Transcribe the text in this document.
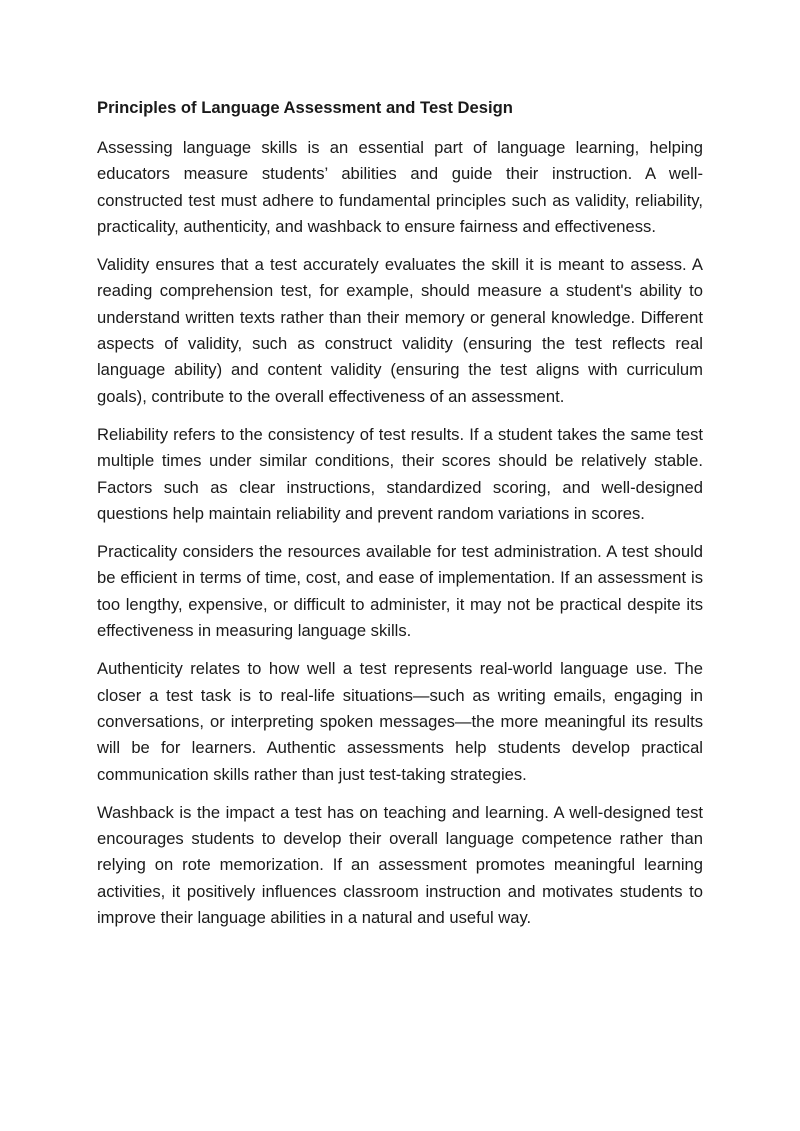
Principles of Language Assessment and Test Design

Assessing language skills is an essential part of language learning, helping educators measure students’ abilities and guide their instruction. A well-constructed test must adhere to fundamental principles such as validity, reliability, practicality, authenticity, and washback to ensure fairness and effectiveness.

Validity ensures that a test accurately evaluates the skill it is meant to assess. A reading comprehension test, for example, should measure a student's ability to understand written texts rather than their memory or general knowledge. Different aspects of validity, such as construct validity (ensuring the test reflects real language ability) and content validity (ensuring the test aligns with curriculum goals), contribute to the overall effectiveness of an assessment.

Reliability refers to the consistency of test results. If a student takes the same test multiple times under similar conditions, their scores should be relatively stable. Factors such as clear instructions, standardized scoring, and well-designed questions help maintain reliability and prevent random variations in scores.

Practicality considers the resources available for test administration. A test should be efficient in terms of time, cost, and ease of implementation. If an assessment is too lengthy, expensive, or difficult to administer, it may not be practical despite its effectiveness in measuring language skills.

Authenticity relates to how well a test represents real-world language use. The closer a test task is to real-life situations—such as writing emails, engaging in conversations, or interpreting spoken messages—the more meaningful its results will be for learners. Authentic assessments help students develop practical communication skills rather than just test-taking strategies.

Washback is the impact a test has on teaching and learning. A well-designed test encourages students to develop their overall language competence rather than relying on rote memorization. If an assessment promotes meaningful learning activities, it positively influences classroom instruction and motivates students to improve their language abilities in a natural and useful way.
